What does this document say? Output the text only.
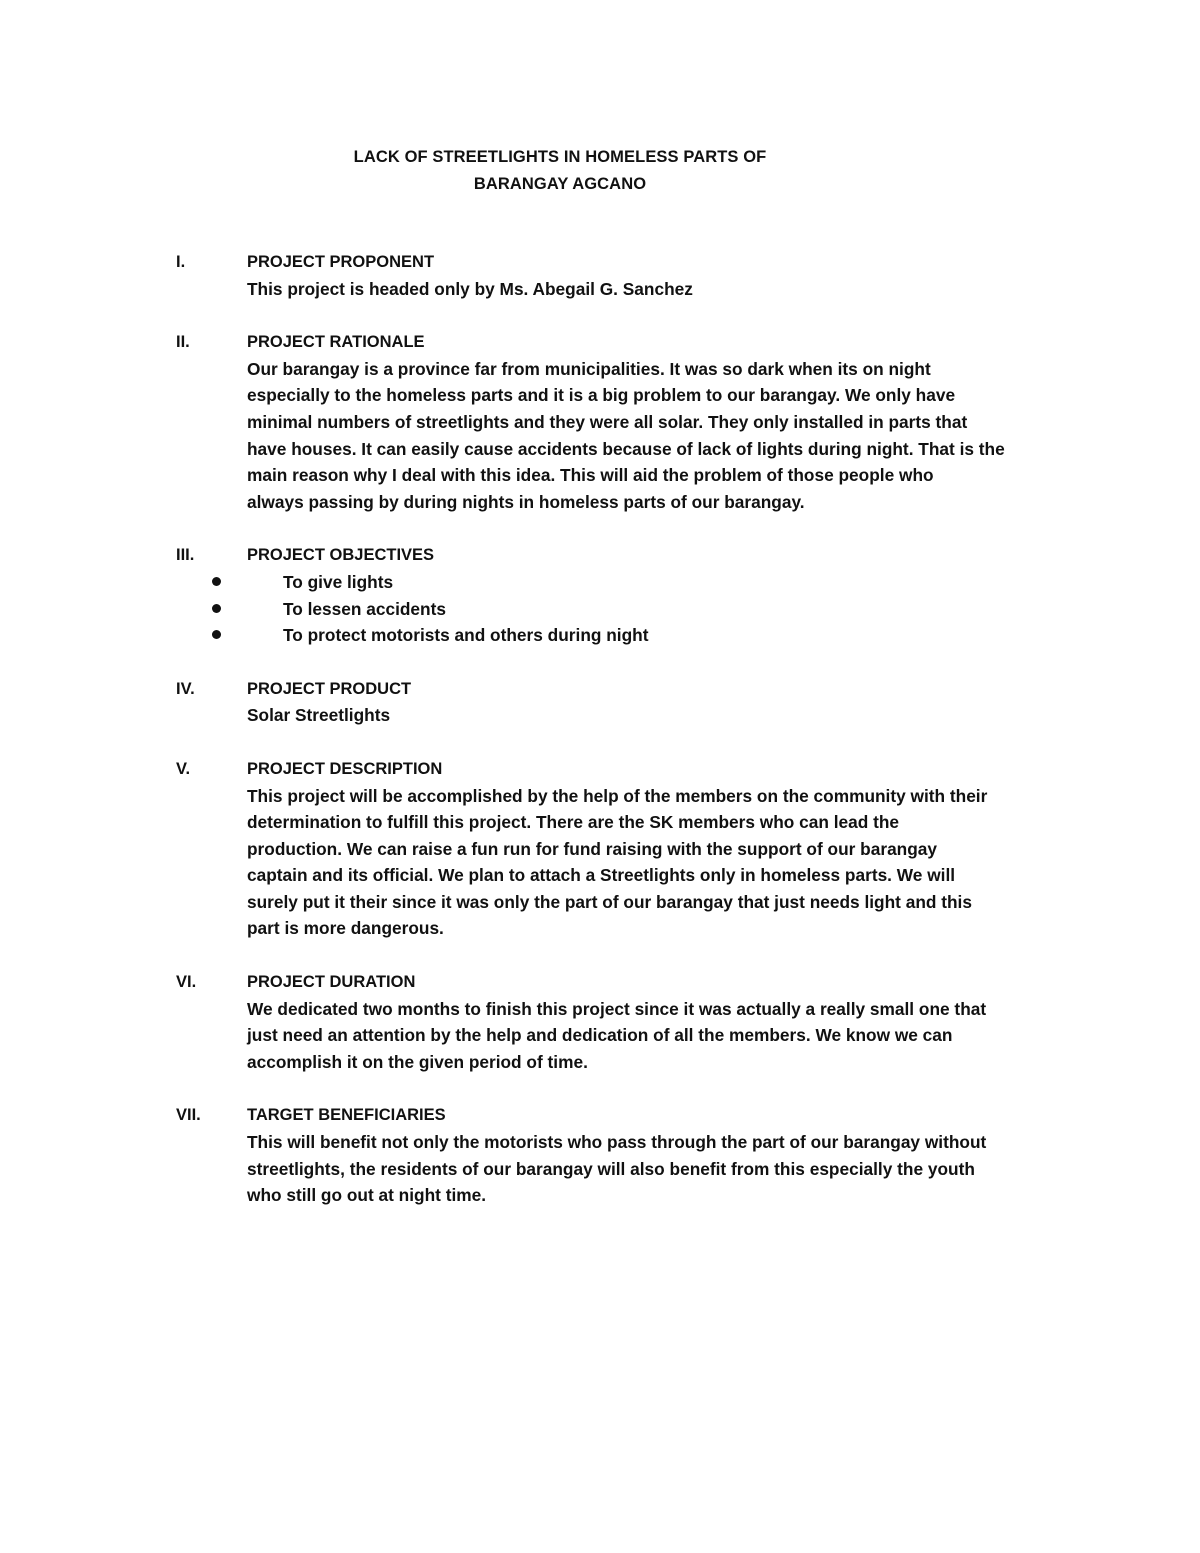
LACK OF STREETLIGHTS IN HOMELESS PARTS OF
BARANGAY AGCANO
I.	PROJECT PROPONENT
This project is headed only by Ms. Abegail G. Sanchez
II.	PROJECT RATIONALE
Our barangay is a province far from municipalities. It was so dark when its on night
especially to the homeless parts and it is a big problem to our barangay. We only have
minimal numbers of streetlights and they were all solar. They only installed in parts that
have houses. It can easily cause accidents because of lack of lights during night. That is the
main reason why I deal with this idea. This will aid the problem of those people who
always passing by during nights in homeless parts of our barangay.
III.	PROJECT OBJECTIVES
To give lights
To lessen accidents
To protect motorists and others during night
IV.	PROJECT PRODUCT
Solar Streetlights
V.	PROJECT DESCRIPTION
This project will be accomplished by the help of the members on the community with their
determination to fulfill this project. There are the SK members who can lead the
production. We can raise a fun run for fund raising with the support of our barangay
captain and its official. We plan to attach a Streetlights only in homeless parts. We will
surely put it their since it was only the part of our barangay that just needs light and this
part is more dangerous.
VI.	PROJECT DURATION
We dedicated two months to finish this project since it was actually a really small one that
just need an attention by the help and dedication of all the members. We know we can
accomplish it on the given period of time.
VII.	TARGET BENEFICIARIES
This will benefit not only the motorists who pass through the part of our barangay without
streetlights, the residents of our barangay will also benefit from this especially the youth
who still go out at night time.
